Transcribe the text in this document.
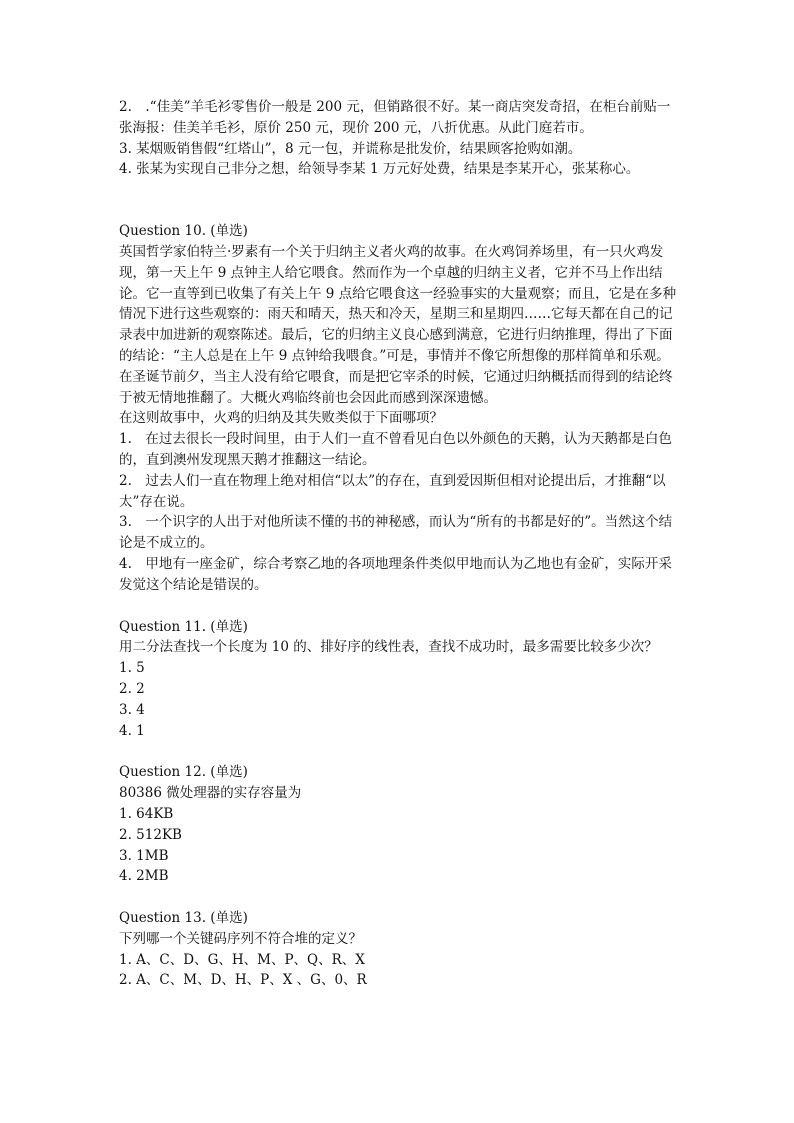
2.　.“佳美”羊毛衫零售价一般是 200 元，但销路很不好。某一商店突发奇招，在柜台前贴一张海报：佳美羊毛衫，原价 250 元，现价 200 元，八折优惠。从此门庭若市。

3. 某烟贩销售假“红塔山”，8 元一包，并谎称是批发价，结果顾客抢购如潮。

4. 张某为实现自己非分之想，给领导李某 1 万元好处费，结果是李某开心，张某称心。

Question 10. (单选)

英国哲学家伯特兰·罗素有一个关于归纳主义者火鸡的故事。在火鸡饲养场里，有一只火鸡发现，第一天上午 9 点钟主人给它喂食。然而作为一个卓越的归纳主义者，它并不马上作出结论。它一直等到已收集了有关上午 9 点给它喂食这一经验事实的大量观察；而且，它是在多种情况下进行这些观察的：雨天和晴天，热天和冷天，星期三和星期四……它每天都在自己的记录表中加进新的观察陈述。最后，它的归纳主义良心感到满意，它进行归纳推理，得出了下面的结论：“主人总是在上午 9 点钟给我喂食。”可是，事情并不像它所想像的那样简单和乐观。在圣诞节前夕，当主人没有给它喂食，而是把它宰杀的时候，它通过归纳概括而得到的结论终于被无情地推翻了。大概火鸡临终前也会因此而感到深深遗憾。

在这则故事中，火鸡的归纳及其失败类似于下面哪项？

1.　在过去很长一段时间里，由于人们一直不曾看见白色以外颜色的天鹅，认为天鹅都是白色的，直到澳州发现黑天鹅才推翻这一结论。

2.　过去人们一直在物理上绝对相信“以太”的存在，直到爱因斯但相对论提出后，才推翻“以太”存在说。

3.　一个识字的人出于对他所读不懂的书的神秘感，而认为“所有的书都是好的”。当然这个结论是不成立的。

4.　甲地有一座金矿，综合考察乙地的各项地理条件类似甲地而认为乙地也有金矿，实际开采发觉这个结论是错误的。

Question 11. (单选)

用二分法查找一个长度为 10 的、排好序的线性表，查找不成功时，最多需要比较多少次？

1. 5

2. 2

3. 4

4. 1

Question 12. (单选)

80386 微处理器的实存容量为

1. 64KB

2. 512KB

3. 1MB

4. 2MB

Question 13. (单选)

下列哪一个关键码序列不符合堆的定义？

1. A、C、D、G、H、M、P、Q、R、X

2. A、C、M、D、H、P、X 、G、0、R
